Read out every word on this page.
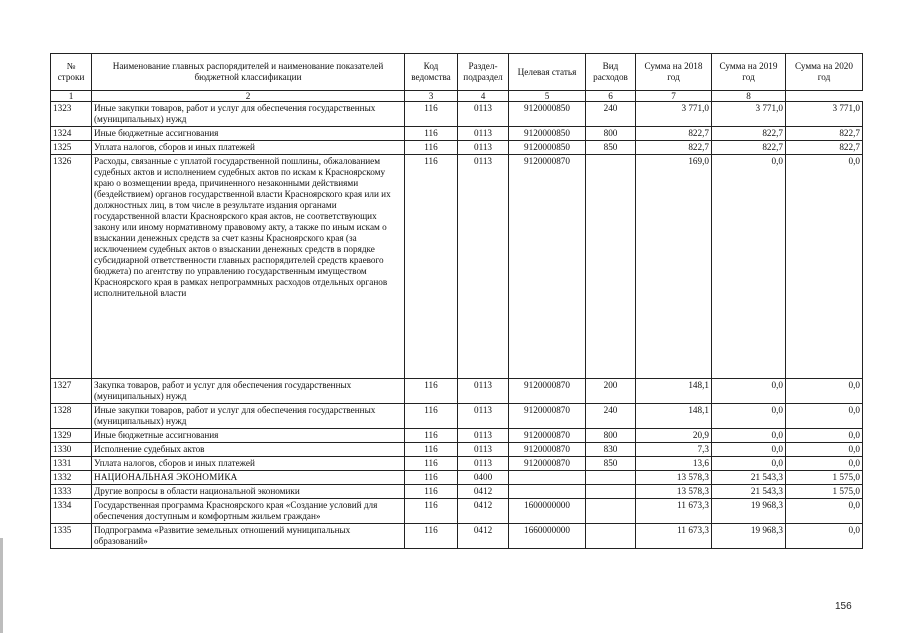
№ строки	Наименование главных распорядителей и наименование показателей бюджетной классификации	Код ведомства	Раздел-подраздел	Целевая статья	Вид расходов	Сумма на 2018 год	Сумма на 2019 год	Сумма на 2020 год
1	2	3	4	5	6	7	8
1323	Иные закупки товаров, работ и услуг для обеспечения государственных (муниципальных) нужд	116	0113	9120000850	240	3 771,0	3 771,0	3 771,0
1324	Иные бюджетные ассигнования	116	0113	9120000850	800	822,7	822,7	822,7
1325	Уплата налогов, сборов и иных платежей	116	0113	9120000850	850	822,7	822,7	822,7
1326	Расходы, связанные с уплатой государственной пошлины, обжалованием судебных актов и исполнением судебных актов по искам к Красноярскому краю о возмещении вреда, причиненного незаконными действиями (бездействием) органов государственной власти Красноярского края или их должностных лиц, в том числе в результате издания органами государственной власти Красноярского края актов, не соответствующих закону или иному нормативному правовому акту, а также по иным искам о взыскании денежных средств за счет казны Красноярского края (за исключением судебных актов о взыскании денежных средств в порядке субсидиарной ответственности главных распорядителей средств краевого бюджета) по агентству по управлению государственным имуществом Красноярского края в рамках непрограммных расходов отдельных органов исполнительной власти	116	0113	9120000870		169,0	0,0	0,0
1327	Закупка товаров, работ и услуг для обеспечения государственных (муниципальных) нужд	116	0113	9120000870	200	148,1	0,0	0,0
1328	Иные закупки товаров, работ и услуг для обеспечения государственных (муниципальных) нужд	116	0113	9120000870	240	148,1	0,0	0,0
1329	Иные бюджетные ассигнования	116	0113	9120000870	800	20,9	0,0	0,0
1330	Исполнение судебных актов	116	0113	9120000870	830	7,3	0,0	0,0
1331	Уплата налогов, сборов и иных платежей	116	0113	9120000870	850	13,6	0,0	0,0
1332	НАЦИОНАЛЬНАЯ ЭКОНОМИКА	116	0400			13 578,3	21 543,3	1 575,0
1333	Другие вопросы в области национальной экономики	116	0412			13 578,3	21 543,3	1 575,0
1334	Государственная программа Красноярского края «Создание условий для обеспечения доступным и комфортным жильем граждан»	116	0412	1600000000		11 673,3	19 968,3	0,0
1335	Подпрограмма «Развитие земельных отношений муниципальных образований»	116	0412	1660000000		11 673,3	19 968,3	0,0
156
